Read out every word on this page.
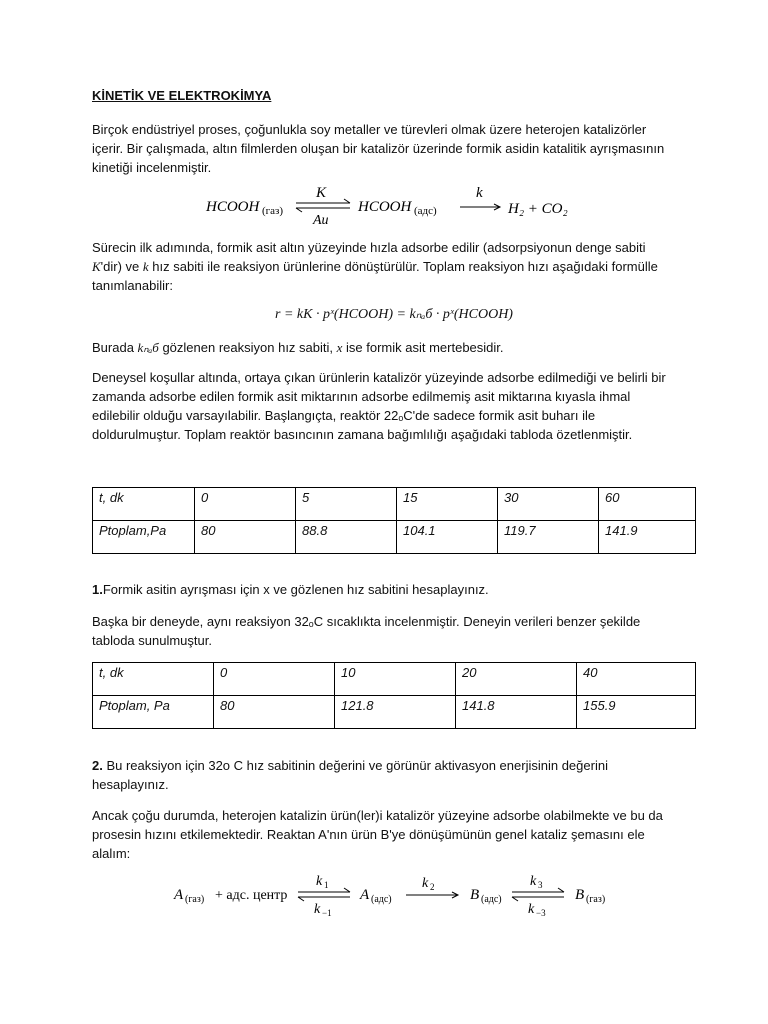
KİNETİK VE ELEKTROKİMYA

Birçok endüstriyel proses, çoğunlukla soy metaller ve türevleri olmak üzere heterojen katalizörler

içerir. Bir çalışmada, altın filmlerden oluşan bir katalizör üzerinde formik asidin katalitik ayrışmasının

kinetiği incelenmiştir.

HCOOH (газ)
K
Au
HCOOH (адс)
k
H₂ + CO₂

Sürecin ilk adımında, formik asit altın yüzeyinde hızla adsorbe edilir (adsorpsiyonun denge sabiti

K'dir) ve k hız sabiti ile reaksiyon ürünlerine dönüştürülür. Toplam reaksiyon hızı aşağıdaki formülle

tanımlanabilir:

r = kK · pˣ(HCOOH) = kₙₐб · pˣ(HCOOH)

Burada kₙₐб gözlenen reaksiyon hız sabiti, x ise formik asit mertebesidir.

Deneysel koşullar altında, ortaya çıkan ürünlerin katalizör yüzeyinde adsorbe edilmediği ve belirli bir

zamanda adsorbe edilen formik asit miktarının adsorbe edilmemiş asit miktarına kıyasla ihmal

edilebilir olduğu varsayılabilir. Başlangıçta, reaktör 22ₒC'de sadece formik asit buharı ile

doldurulmuştur. Toplam reaktör basıncının zamana bağımlılığı aşağıdaki tabloda özetlenmiştir.

t, dk	0	5	15	30	60
Ptoplam,Pa	80	88.8	104.1	119.7	141.9

1.Formik asitin ayrışması için x ve gözlenen hız sabitini hesaplayınız.

Başka bir deneyde, aynı reaksiyon 32ₒC sıcaklıkta incelenmiştir. Deneyin verileri benzer şekilde

tabloda sunulmuştur.

t, dk	0	10	20	40
Ptoplam, Pa	80	121.8	141.8	155.9

2. Bu reaksiyon için 32o C hız sabitinin değerini ve görünür aktivasyon enerjisinin değerini

hesaplayınız.

Ancak çoğu durumda, heterojen katalizin ürün(ler)i katalizör yüzeyine adsorbe olabilmekte ve bu da

prosesin hızını etkilemektedir. Reaktan A'nın ürün B'ye dönüşümünün genel kataliz şemasını ele

alalım:

A (газ) + адс. центр
k 1
k −1
A (адс)
k 2 B (адс)
k 3
k −3
B (газ)
